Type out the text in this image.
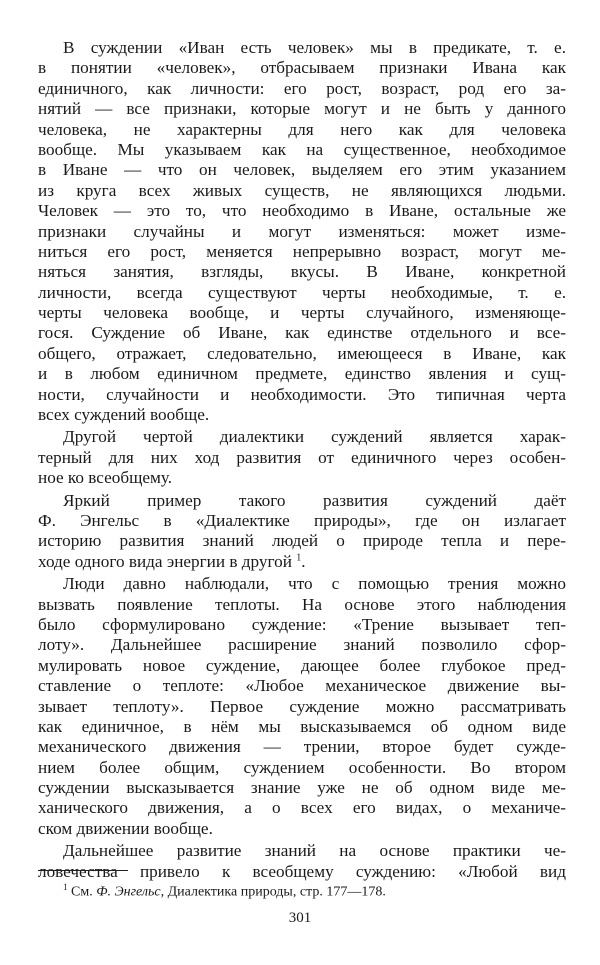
В суждении «Иван есть человек» мы в предикате, т. е.
в понятии «человек», отбрасываем признаки Ивана как
единичного, как личности: его рост, возраст, род его за-
нятий — все признаки, которые могут и не быть у данного
человека, не характерны для него как для человека
вообще. Мы указываем как на существенное, необходимое
в Иване — что он человек, выделяем его этим указанием
из круга всех живых существ, не являющихся людьми.
Человек — это то, что необходимо в Иване, остальные же
признаки случайны и могут изменяться: может изме-
ниться его рост, меняется непрерывно возраст, могут ме-
няться занятия, взгляды, вкусы. В Иване, конкретной
личности, всегда существуют черты необходимые, т. е.
черты человека вообще, и черты случайного, изменяюще-
гося. Суждение об Иване, как единстве отдельного и все-
общего, отражает, следовательно, имеющееся в Иване, как
и в любом единичном предмете, единство явления и сущ-
ности, случайности и необходимости. Это типичная черта
всех суждений вообще.
Другой чертой диалектики суждений является харак-
терный для них ход развития от единичного через особен-
ное ко всеобщему.
Яркий пример такого развития суждений даёт
Ф. Энгельс в «Диалектике природы», где он излагает
историю развития знаний людей о природе тепла и пере-
ходе одного вида энергии в другой $^1$.
Люди давно наблюдали, что с помощью трения можно
вызвать появление теплоты. На основе этого наблюдения
было сформулировано суждение: «Трение вызывает теп-
лоту». Дальнейшее расширение знаний позволило сфор-
мулировать новое суждение, дающее более глубокое пред-
ставление о теплоте: «Любое механическое движение вы-
зывает теплоту». Первое суждение можно рассматривать
как единичное, в нём мы высказываемся об одном виде
механического движения — трении, второе будет сужде-
нием более общим, суждением особенности. Во втором
суждении высказывается знание уже не об одном виде ме-
ханического движения, а о всех его видах, о механиче-
ском движении вообще.
Дальнейшее развитие знаний на основе практики че-
ловечества привело к всеобщему суждению: «Любой вид
$^1$ См. Ф. Энгельс, Диалектика природы, стр. 177—178.
301
